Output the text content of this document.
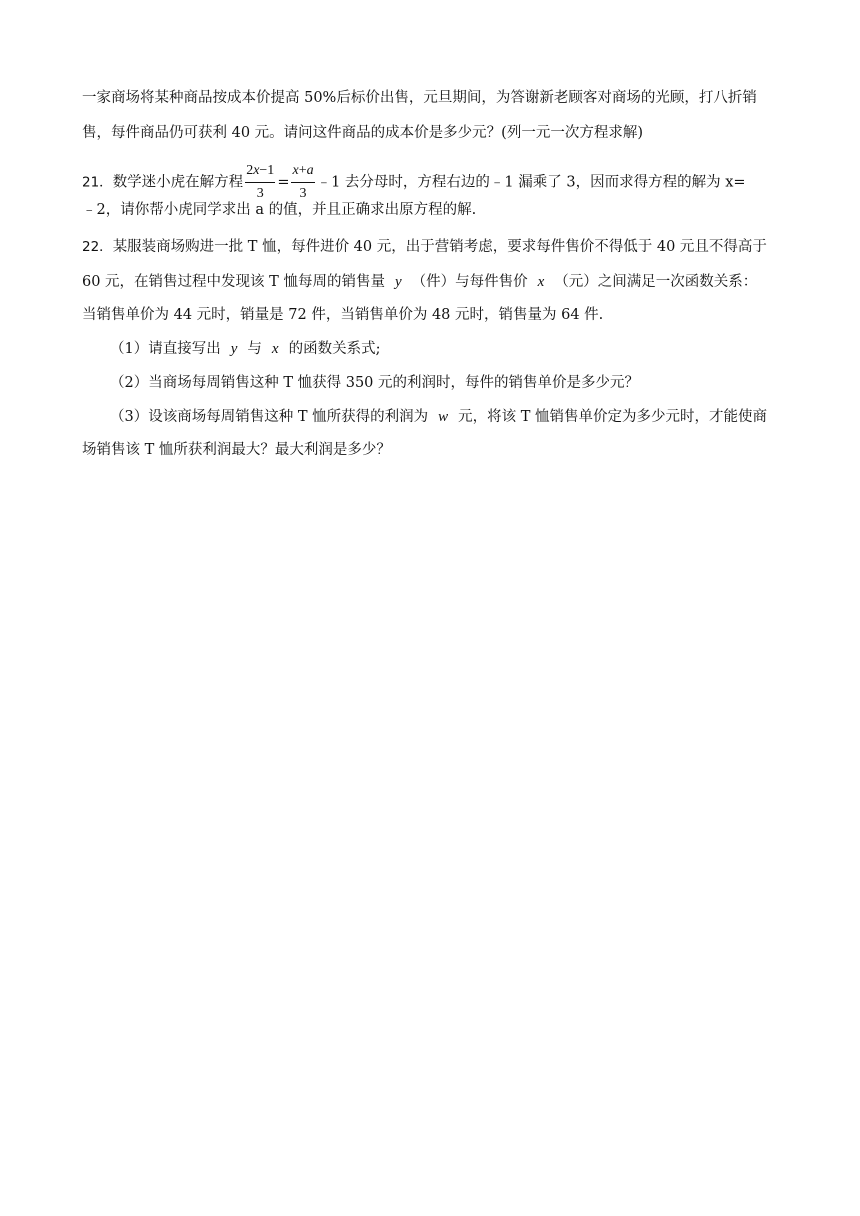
一家商场将某种商品按成本价提高 50%后标价出售，元旦期间，为答谢新老顾客对商场的光顾，打八折销
售，每件商品仍可获利 40 元。请问这件商品的成本价是多少元？(列一元一次方程求解)
21．数学迷小虎在解方程 $\frac{2x-1}{3} = \frac{x+a}{3}$ ﹣1 去分母时，方程右边的﹣1 漏乘了 3，因而求得方程的解为 x=
﹣2，请你帮小虎同学求出 a 的值，并且正确求出原方程的解.
22．某服装商场购进一批 T 恤，每件进价 40 元，出于营销考虑，要求每件售价不得低于 40 元且不得高于
60 元，在销售过程中发现该 T 恤每周的销售量 y （件）与每件售价 x （元）之间满足一次函数关系：
当销售单价为 44 元时，销量是 72 件，当销售单价为 48 元时，销售量为 64 件.
（1）请直接写出 y 与 x 的函数关系式;
（2）当商场每周销售这种 T 恤获得 350 元的利润时，每件的销售单价是多少元？
（3）设该商场每周销售这种 T 恤所获得的利润为 w 元，将该 T 恤销售单价定为多少元时，才能使商
场销售该 T 恤所获利润最大？最大利润是多少？
